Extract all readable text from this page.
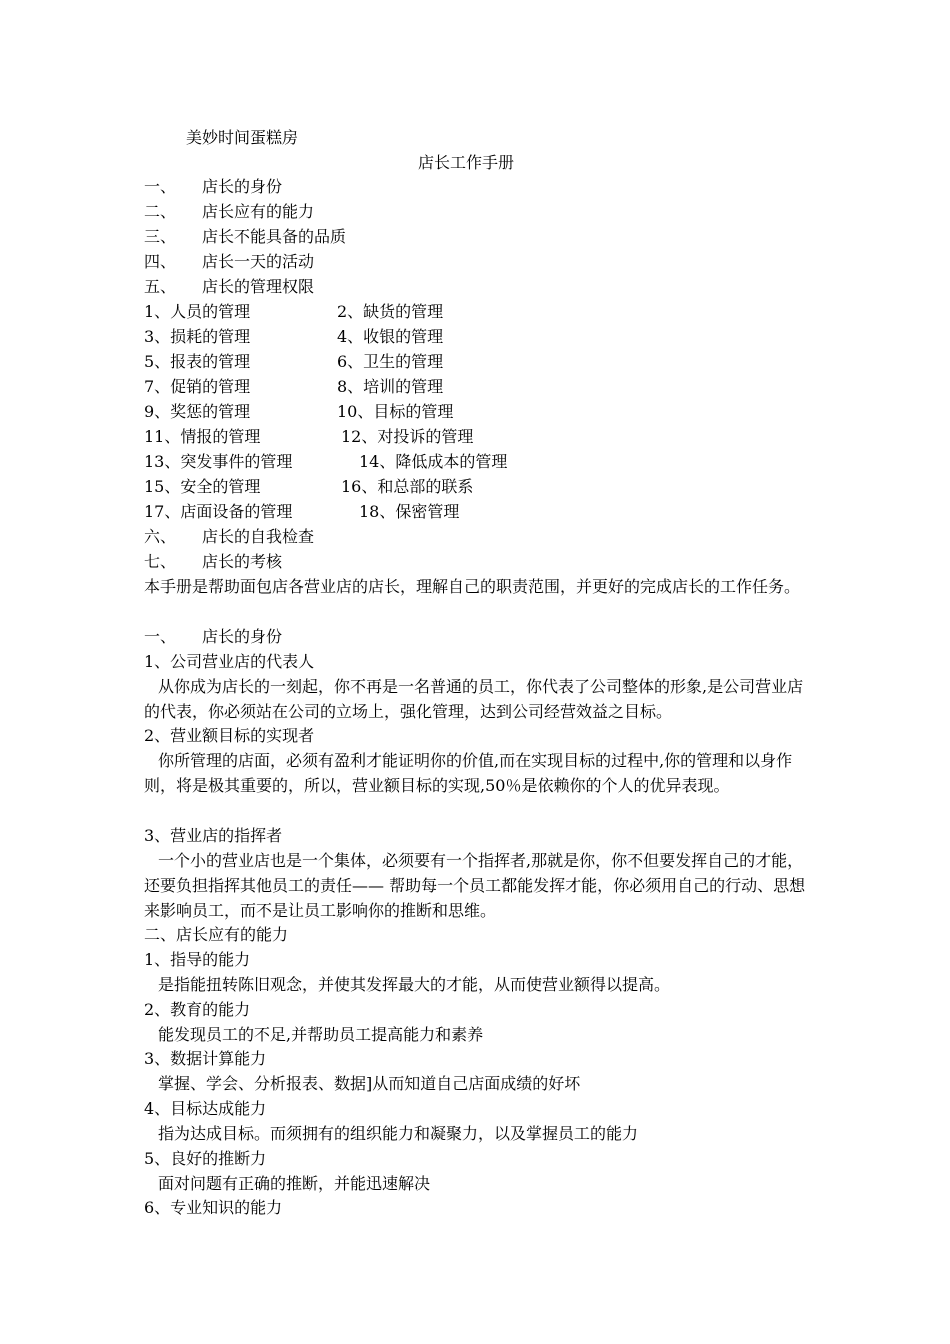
美妙时间蛋糕房
店长工作手册
一、 店长的身份
二、 店长应有的能力
三、 店长不能具备的品质
四、 店长一天的活动
五、 店长的管理权限
1、人员的管理	2、缺货的管理
3、损耗的管理	4、收银的管理
5、报表的管理	6、卫生的管理
7、促销的管理	8、培训的管理
9、奖惩的管理	10、目标的管理
11、情报的管理	12、对投诉的管理
13、突发事件的管理	14、降低成本的管理
15、安全的管理	16、和总部的联系
17、店面设备的管理	18、保密管理
六、 店长的自我检查
七、 店长的考核
本手册是帮助面包店各营业店的店长，理解自己的职责范围，并更好的完成店长的工作任务。
一、 店长的身份
1、公司营业店的代表人
从你成为店长的一刻起，你不再是一名普通的员工，你代表了公司整体的形象,是公司营业店的代表，你必须站在公司的立场上，强化管理，达到公司经营效益之目标。
2、营业额目标的实现者
你所管理的店面，必须有盈利才能证明你的价值,而在实现目标的过程中,你的管理和以身作则，将是极其重要的，所以，营业额目标的实现,50％是依赖你的个人的优异表现。
3、营业店的指挥者
一个小的营业店也是一个集体，必须要有一个指挥者,那就是你，你不但要发挥自己的才能，还要负担指挥其他员工的责任—— 帮助每一个员工都能发挥才能，你必须用自己的行动、思想来影响员工，而不是让员工影响你的推断和思维。
二、店长应有的能力
1、指导的能力
是指能扭转陈旧观念，并使其发挥最大的才能，从而使营业额得以提高。
2、教育的能力
能发现员工的不足,并帮助员工提高能力和素养
3、数据计算能力
掌握、学会、分析报表、数据]从而知道自己店面成绩的好坏
4、目标达成能力
指为达成目标。而须拥有的组织能力和凝聚力，以及掌握员工的能力
5、良好的推断力
面对问题有正确的推断，并能迅速解决
6、专业知识的能力
